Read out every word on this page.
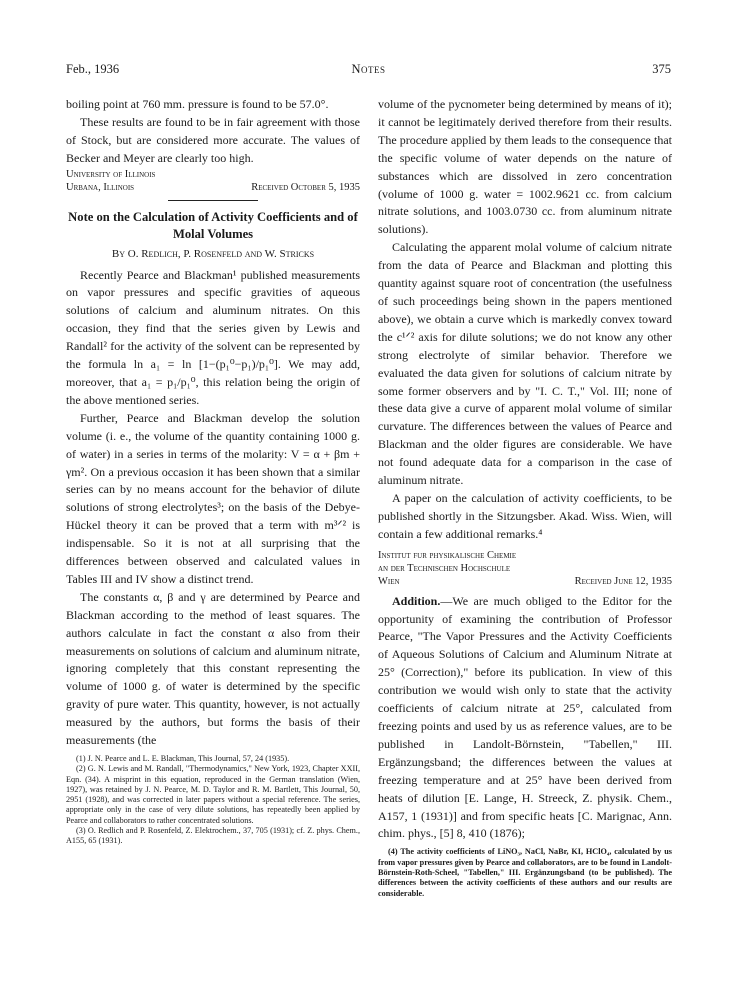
Feb., 1936	Notes	375

boiling point at 760 mm. pressure is found to be 57.0°.

These results are found to be in fair agreement with those of Stock, but are considered more accurate. The values of Becker and Meyer are clearly too high.

University of Illinois
Urbana, Illinois	Received October 5, 1935
Note on the Calculation of Activity Coefficients and of Molal Volumes
By O. Redlich, P. Rosenfeld and W. Stricks

Recently Pearce and Blackman¹ published measurements on vapor pressures and specific gravities of aqueous solutions of calcium and aluminum nitrates. On this occasion, they find that the series given by Lewis and Randall² for the activity of the solvent can be represented by the formula ln a₁ = ln [1−(p₁⁰−p₁)/p₁⁰]. We may add, moreover, that a₁ = p₁/p₁⁰, this relation being the origin of the above mentioned series.

Further, Pearce and Blackman develop the solution volume (i. e., the volume of the quantity containing 1000 g. of water) in a series in terms of the molarity: V = α + βm + γm². On a previous occasion it has been shown that a similar series can by no means account for the behavior of dilute solutions of strong electrolytes³; on the basis of the Debye-Hückel theory it can be proved that a term with m³ᐟ² is indispensable. So it is not at all surprising that the differences between observed and calculated values in Tables III and IV show a distinct trend.

The constants α, β and γ are determined by Pearce and Blackman according to the method of least squares. The authors calculate in fact the constant α also from their measurements on solutions of calcium and aluminum nitrate, ignoring completely that this constant representing the volume of 1000 g. of water is determined by the specific gravity of pure water. This quantity, however, is not actually measured by the authors, but forms the basis of their measurements (the

(1) J. N. Pearce and L. E. Blackman, This Journal, 57, 24 (1935).

(2) G. N. Lewis and M. Randall, "Thermodynamics," New York, 1923, Chapter XXII, Eqn. (34). A misprint in this equation, reproduced in the German translation (Wien, 1927), was retained by J. N. Pearce, M. D. Taylor and R. M. Bartlett, This Journal, 50, 2951 (1928), and was corrected in later papers without a special reference. The series, appropriate only in the case of very dilute solutions, has repeatedly been applied by Pearce and collaborators to rather concentrated solutions.

(3) O. Redlich and P. Rosenfeld, Z. Elektrochem., 37, 705 (1931); cf. Z. phys. Chem., A155, 65 (1931).

volume of the pycnometer being determined by means of it); it cannot be legitimately derived therefore from their results. The procedure applied by them leads to the consequence that the specific volume of water depends on the nature of substances which are dissolved in zero concentration (volume of 1000 g. water = 1002.9621 cc. from calcium nitrate solutions, and 1003.0730 cc. from aluminum nitrate solutions).

Calculating the apparent molal volume of calcium nitrate from the data of Pearce and Blackman and plotting this quantity against square root of concentration (the usefulness of such proceedings being shown in the papers mentioned above), we obtain a curve which is markedly convex toward the c¹ᐟ² axis for dilute solutions; we do not know any other strong electrolyte of similar behavior. Therefore we evaluated the data given for solutions of calcium nitrate by some former observers and by "I. C. T.," Vol. III; none of these data give a curve of apparent molal volume of similar curvature. The differences between the values of Pearce and Blackman and the older figures are considerable. We have not found adequate data for a comparison in the case of aluminum nitrate.

A paper on the calculation of activity coefficients, to be published shortly in the Sitzungsber. Akad. Wiss. Wien, will contain a few additional remarks.⁴

Institut fur physikalische Chemie
an der Technischen Hochschule
Wien	Received June 12, 1935

Addition.—We are much obliged to the Editor for the opportunity of examining the contribution of Professor Pearce, "The Vapor Pressures and the Activity Coefficients of Aqueous Solutions of Calcium and Aluminum Nitrate at 25° (Correction)," before its publication. In view of this contribution we would wish only to state that the activity coefficients of calcium nitrate at 25°, calculated from freezing points and used by us as reference values, are to be published in Landolt-Börnstein, "Tabellen," III. Ergänzungsband; the differences between the values at freezing temperature and at 25° have been derived from heats of dilution [E. Lange, H. Streeck, Z. physik. Chem., A157, 1 (1931)] and from specific heats [C. Marignac, Ann. chim. phys., [5] 8, 410 (1876);

(4) The activity coefficients of LiNO₃, NaCl, NaBr, KI, HClO₄, calculated by us from vapor pressures given by Pearce and collaborators, are to be found in Landolt-Börnstein-Roth-Scheel, "Tabellen," III. Ergänzungsband (to be published). The differences between the activity coefficients of these authors and our results are considerable.
